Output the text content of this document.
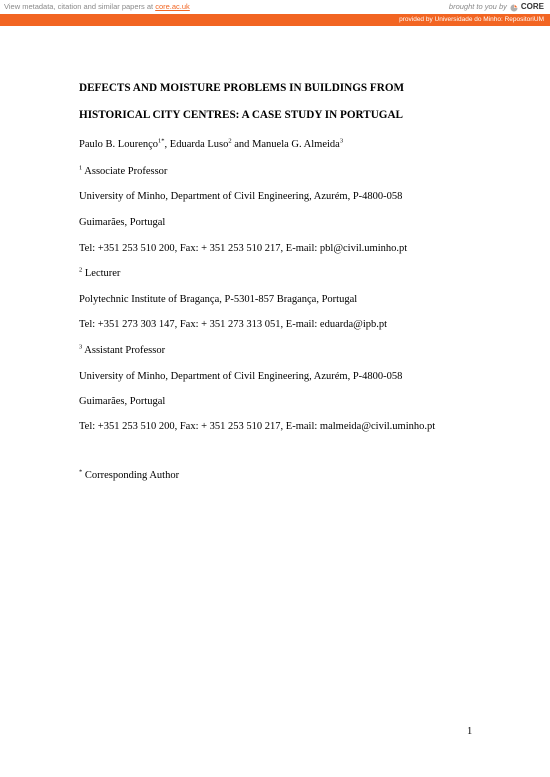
View metadata, citation and similar papers at core.ac.uk	brought to you by CORE
provided by Universidade do Minho: RepositoriUM
DEFECTS AND MOISTURE PROBLEMS IN BUILDINGS FROM
HISTORICAL CITY CENTRES: A CASE STUDY IN PORTUGAL
Paulo B. Lourenço$^{1*}$, Eduarda Luso$^2$ and Manuela G. Almeida$^3$
$^1$ Associate Professor
University of Minho, Department of Civil Engineering, Azurém, P-4800-058
Guimarães, Portugal
Tel: +351 253 510 200, Fax: + 351 253 510 217, E-mail: pbl@civil.uminho.pt
$^2$ Lecturer
Polytechnic Institute of Bragança, P-5301-857 Bragança, Portugal
Tel: +351 273 303 147, Fax: + 351 273 313 051, E-mail: eduarda@ipb.pt
$^3$ Assistant Professor
University of Minho, Department of Civil Engineering, Azurém, P-4800-058
Guimarães, Portugal
Tel: +351 253 510 200, Fax: + 351 253 510 217, E-mail: malmeida@civil.uminho.pt
* Corresponding Author
1
